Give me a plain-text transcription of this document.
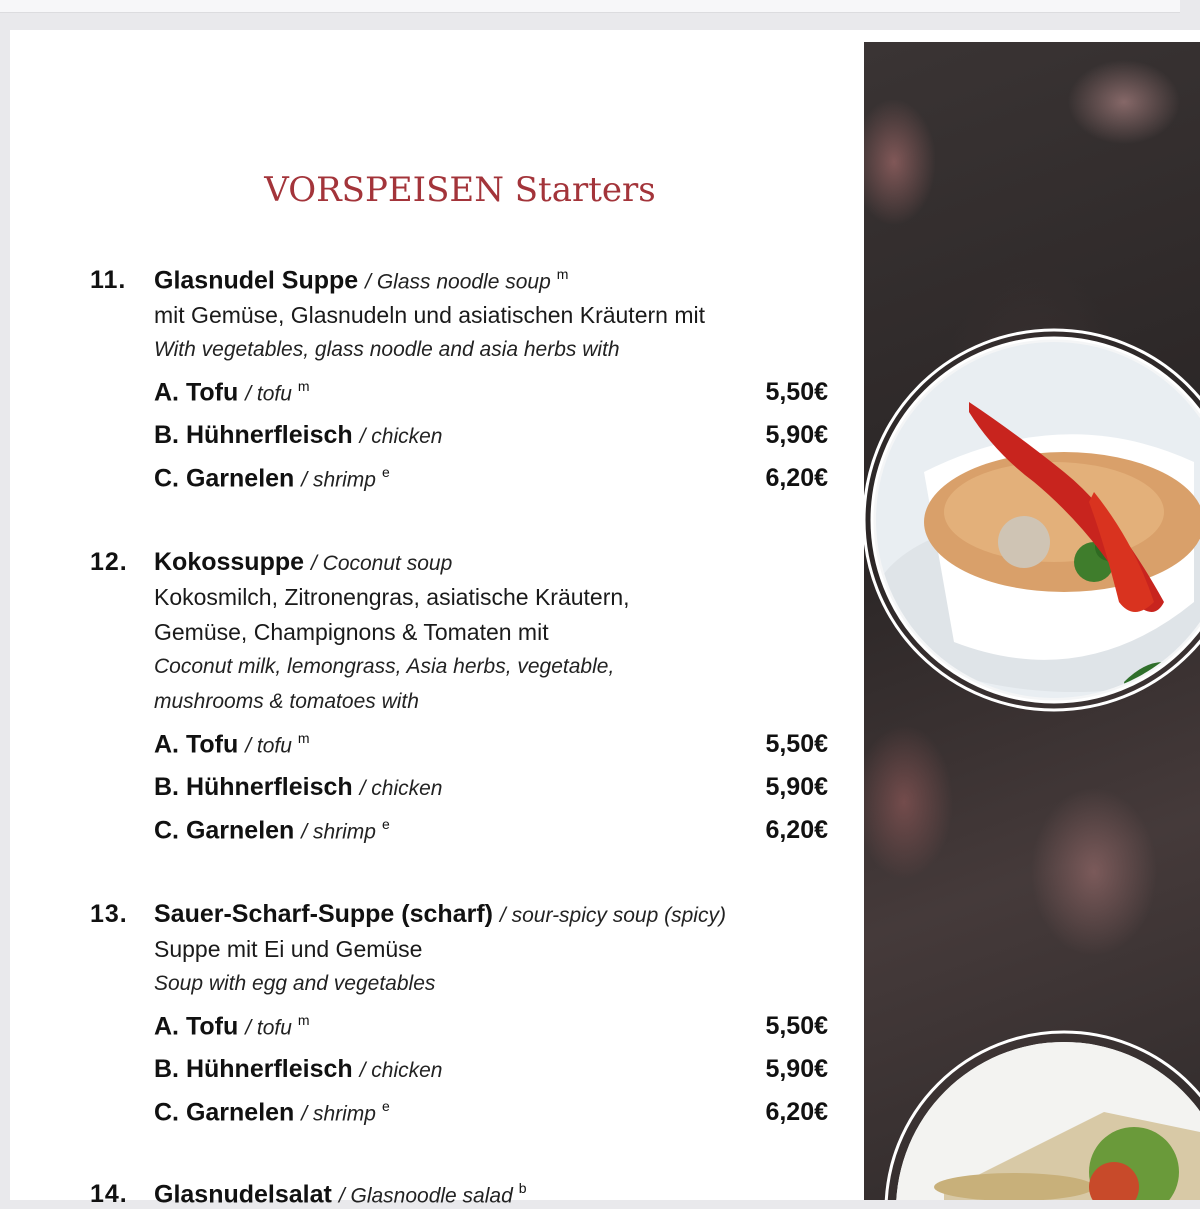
VORSPEISEN Starters
11. Glasnudel Suppe / Glass noodle soup $^m$
mit Gemüse, Glasnudeln und asiatischen Kräutern mit
With vegetables, glass noodle and asia herbs with
A. Tofu / tofu $^m$	5,50€
B. Hühnerfleisch / chicken	5,90€
C. Garnelen / shrimp $^e$	6,20€
12. Kokossuppe / Coconut soup
Kokosmilch, Zitronengras, asiatische Kräutern,
Gemüse, Champignons & Tomaten mit
Coconut milk, lemongrass, Asia herbs, vegetable,
mushrooms & tomatoes with
A. Tofu / tofu $^m$	5,50€
B. Hühnerfleisch / chicken	5,90€
C. Garnelen / shrimp $^e$	6,20€
13. Sauer-Scharf-Suppe (scharf) / sour-spicy soup (spicy)
Suppe mit Ei und Gemüse
Soup with egg and vegetables
A. Tofu / tofu $^m$	5,50€
B. Hühnerfleisch / chicken	5,90€
C. Garnelen / shrimp $^e$	6,20€
14. Glasnudelsalat / Glasnoodle salad $^b$
